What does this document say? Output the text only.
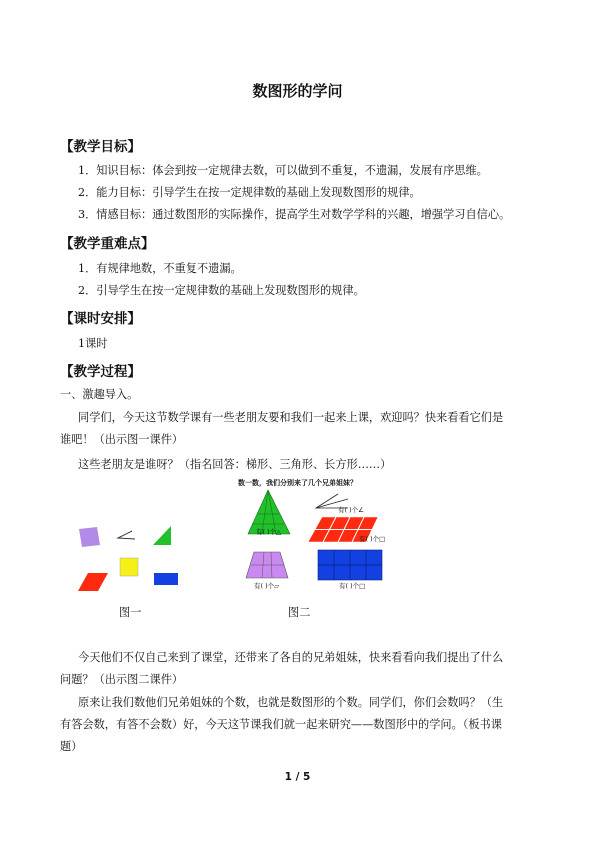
数图形的学问
【教学目标】
1．知识目标：体会到按一定规律去数，可以做到不重复，不遗漏，发展有序思维。
2．能力目标：引导学生在按一定规律数的基础上发现数图形的规律。
3．情感目标：通过数图形的实际操作，提高学生对数学学科的兴趣，增强学习自信心。
【教学重难点】
1．有规律地数，不重复不遗漏。
2．引导学生在按一定规律数的基础上发现数图形的规律。
【课时安排】
1课时
【教学过程】
一、激趣导入。
同学们，今天这节数学课有一些老朋友要和我们一起来上课，欢迎吗？快来看看它们是
谁吧！（出示图一课件）
这些老朋友是谁呀？（指名回答：梯形、三角形、长方形……）
图一
数一数，我们分别来了几个兄弟姐妹？
有( )个△
有( )个∠
有( )个□
有( )个▱	有( )个□
图二
今天他们不仅自己来到了课堂，还带来了各自的兄弟姐妹，快来看看向我们提出了什么
问题？（出示图二课件）
原来让我们数他们兄弟姐妹的个数，也就是数图形的个数。同学们，你们会数吗？（生
有答会数，有答不会数）好，今天这节课我们就一起来研究——数图形中的学问。（板书课
题）
1 / 5
